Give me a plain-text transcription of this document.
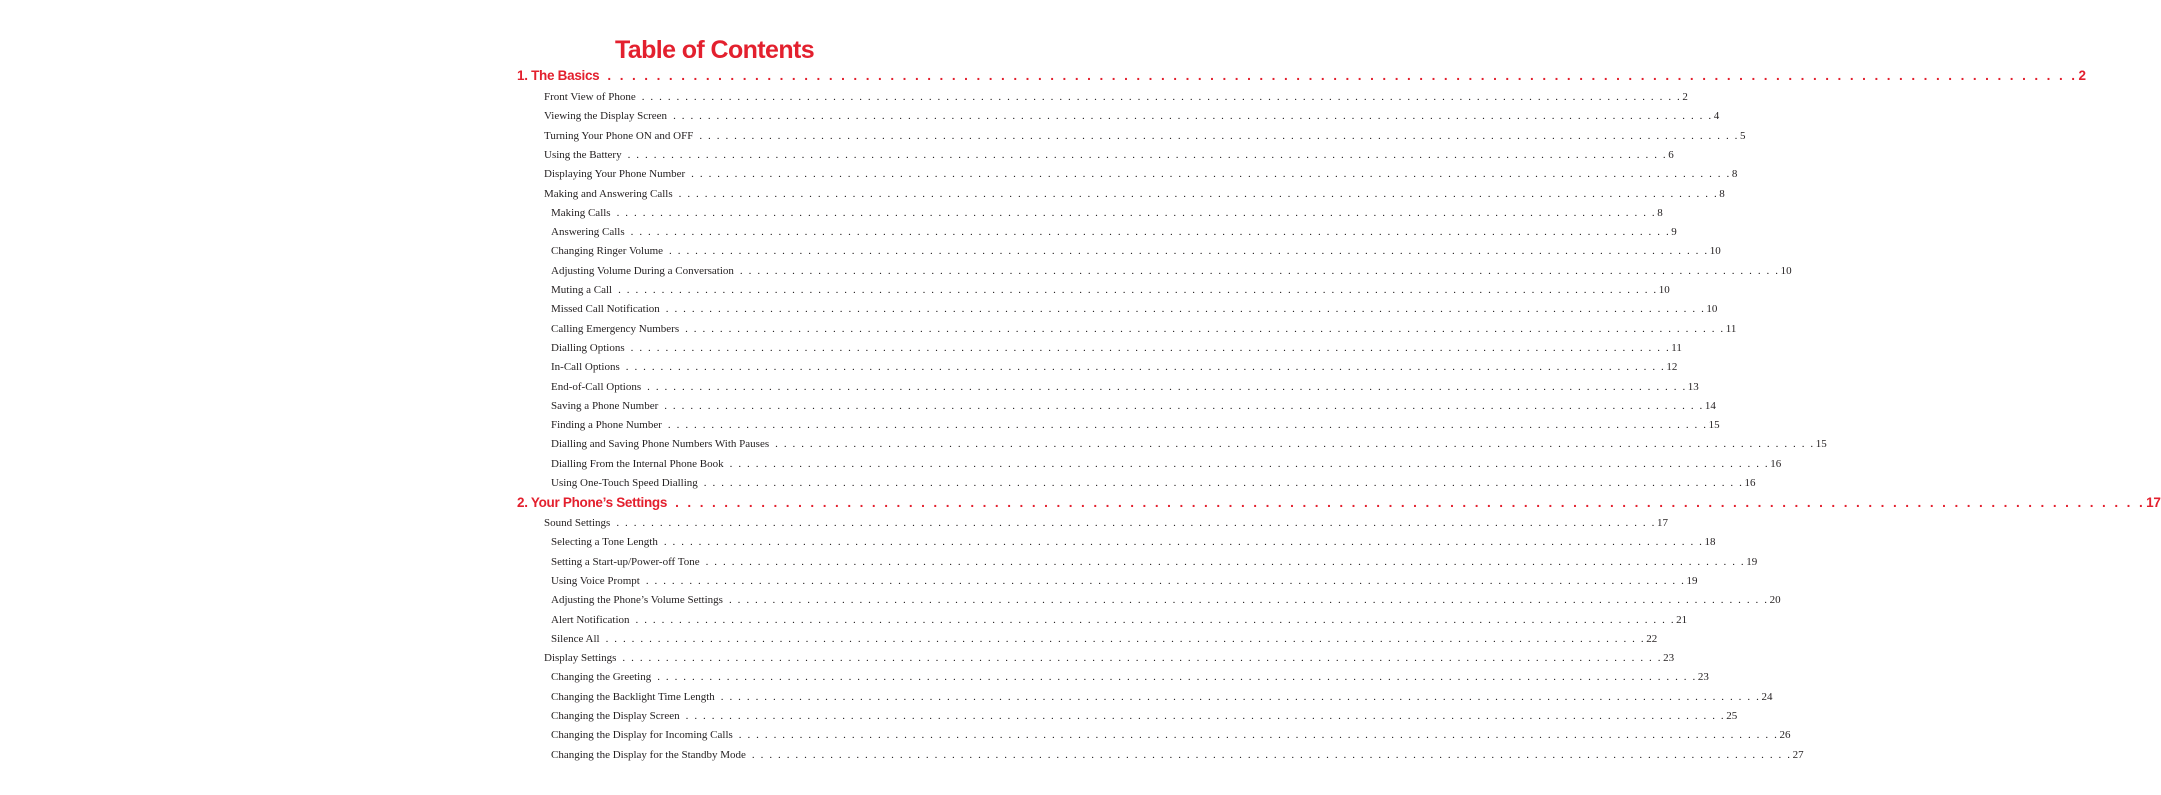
Table of Contents
1. The Basics . . . . . . . . . . . . . . . . . . . . . . . . . . . . . . . . . . . . . . . . . . . . . . . . . . . . . . . . . . . . . . . . . . . . . . . . . . . . . . . . . . . . . . . . . . . . . . . . . . . . . . . . . . . . . . . . . . . . . . . . 2
Front View of Phone . . . . . . . . . . . . . . . . . . . . . . . . . . . . . . . . . . . . . . . . . . . . . . . . . . . . . . . . . . . . . . . . . . . . . . . . . . . . . . . . . . . . . . . . . . . . . . . . . . . . . . . . . . . . . . . . . . . . . . . . 2
Viewing the Display Screen . . . . . . . . . . . . . . . . . . . . . . . . . . . . . . . . . . . . . . . . . . . . . . . . . . . . . . . . . . . . . . . . . . . . . . . . . . . . . . . . . . . . . . . . . . . . . . . . . . . . . . . . . . . . . . . . . . . . . . . . 4
Turning Your Phone ON and OFF . . . . . . . . . . . . . . . . . . . . . . . . . . . . . . . . . . . . . . . . . . . . . . . . . . . . . . . . . . . . . . . . . . . . . . . . . . . . . . . . . . . . . . . . . . . . . . . . . . . . . . . . . . . . . . . . . . . . . . . . 5
Using the Battery . . . . . . . . . . . . . . . . . . . . . . . . . . . . . . . . . . . . . . . . . . . . . . . . . . . . . . . . . . . . . . . . . . . . . . . . . . . . . . . . . . . . . . . . . . . . . . . . . . . . . . . . . . . . . . . . . . . . . . . . 6
Displaying Your Phone Number . . . . . . . . . . . . . . . . . . . . . . . . . . . . . . . . . . . . . . . . . . . . . . . . . . . . . . . . . . . . . . . . . . . . . . . . . . . . . . . . . . . . . . . . . . . . . . . . . . . . . . . . . . . . . . . . . . . . . . . . 8
Making and Answering Calls . . . . . . . . . . . . . . . . . . . . . . . . . . . . . . . . . . . . . . . . . . . . . . . . . . . . . . . . . . . . . . . . . . . . . . . . . . . . . . . . . . . . . . . . . . . . . . . . . . . . . . . . . . . . . . . . . . . . . . . . 8
Making Calls . . . . . . . . . . . . . . . . . . . . . . . . . . . . . . . . . . . . . . . . . . . . . . . . . . . . . . . . . . . . . . . . . . . . . . . . . . . . . . . . . . . . . . . . . . . . . . . . . . . . . . . . . . . . . . . . . . . . . . . . 8
Answering Calls . . . . . . . . . . . . . . . . . . . . . . . . . . . . . . . . . . . . . . . . . . . . . . . . . . . . . . . . . . . . . . . . . . . . . . . . . . . . . . . . . . . . . . . . . . . . . . . . . . . . . . . . . . . . . . . . . . . . . . . . 9
Changing Ringer Volume . . . . . . . . . . . . . . . . . . . . . . . . . . . . . . . . . . . . . . . . . . . . . . . . . . . . . . . . . . . . . . . . . . . . . . . . . . . . . . . . . . . . . . . . . . . . . . . . . . . . . . . . . . . . . . . . . . . . . . . . 10
Adjusting Volume During a Conversation . . . . . . . . . . . . . . . . . . . . . . . . . . . . . . . . . . . . . . . . . . . . . . . . . . . . . . . . . . . . . . . . . . . . . . . . . . . . . . . . . . . . . . . . . . . . . . . . . . . . . . . . . . . . . . . . . . . . . . . . 10
Muting a Call . . . . . . . . . . . . . . . . . . . . . . . . . . . . . . . . . . . . . . . . . . . . . . . . . . . . . . . . . . . . . . . . . . . . . . . . . . . . . . . . . . . . . . . . . . . . . . . . . . . . . . . . . . . . . . . . . . . . . . . . 10
Missed Call Notification . . . . . . . . . . . . . . . . . . . . . . . . . . . . . . . . . . . . . . . . . . . . . . . . . . . . . . . . . . . . . . . . . . . . . . . . . . . . . . . . . . . . . . . . . . . . . . . . . . . . . . . . . . . . . . . . . . . . . . . . 10
Calling Emergency Numbers . . . . . . . . . . . . . . . . . . . . . . . . . . . . . . . . . . . . . . . . . . . . . . . . . . . . . . . . . . . . . . . . . . . . . . . . . . . . . . . . . . . . . . . . . . . . . . . . . . . . . . . . . . . . . . . . . . . . . . . . 11
Dialling Options . . . . . . . . . . . . . . . . . . . . . . . . . . . . . . . . . . . . . . . . . . . . . . . . . . . . . . . . . . . . . . . . . . . . . . . . . . . . . . . . . . . . . . . . . . . . . . . . . . . . . . . . . . . . . . . . . . . . . . . . 11
In-Call Options . . . . . . . . . . . . . . . . . . . . . . . . . . . . . . . . . . . . . . . . . . . . . . . . . . . . . . . . . . . . . . . . . . . . . . . . . . . . . . . . . . . . . . . . . . . . . . . . . . . . . . . . . . . . . . . . . . . . . . . . 12
End-of-Call Options . . . . . . . . . . . . . . . . . . . . . . . . . . . . . . . . . . . . . . . . . . . . . . . . . . . . . . . . . . . . . . . . . . . . . . . . . . . . . . . . . . . . . . . . . . . . . . . . . . . . . . . . . . . . . . . . . . . . . . . . 13
Saving a Phone Number . . . . . . . . . . . . . . . . . . . . . . . . . . . . . . . . . . . . . . . . . . . . . . . . . . . . . . . . . . . . . . . . . . . . . . . . . . . . . . . . . . . . . . . . . . . . . . . . . . . . . . . . . . . . . . . . . . . . . . . . 14
Finding a Phone Number . . . . . . . . . . . . . . . . . . . . . . . . . . . . . . . . . . . . . . . . . . . . . . . . . . . . . . . . . . . . . . . . . . . . . . . . . . . . . . . . . . . . . . . . . . . . . . . . . . . . . . . . . . . . . . . . . . . . . . . . 15
Dialling and Saving Phone Numbers With Pauses . . . . . . . . . . . . . . . . . . . . . . . . . . . . . . . . . . . . . . . . . . . . . . . . . . . . . . . . . . . . . . . . . . . . . . . . . . . . . . . . . . . . . . . . . . . . . . . . . . . . . . . . . . . . . . . . . . . . . . . . 15
Dialling From the Internal Phone Book . . . . . . . . . . . . . . . . . . . . . . . . . . . . . . . . . . . . . . . . . . . . . . . . . . . . . . . . . . . . . . . . . . . . . . . . . . . . . . . . . . . . . . . . . . . . . . . . . . . . . . . . . . . . . . . . . . . . . . . . 16
Using One-Touch Speed Dialling . . . . . . . . . . . . . . . . . . . . . . . . . . . . . . . . . . . . . . . . . . . . . . . . . . . . . . . . . . . . . . . . . . . . . . . . . . . . . . . . . . . . . . . . . . . . . . . . . . . . . . . . . . . . . . . . . . . . . . . . 16
2. Your Phone’s Settings . . . . . . . . . . . . . . . . . . . . . . . . . . . . . . . . . . . . . . . . . . . . . . . . . . . . . . . . . . . . . . . . . . . . . . . . . . . . . . . . . . . . . . . . . . . . . . . . . . . . . . . . . . . . . . . . . . . . . . . . 17
Sound Settings . . . . . . . . . . . . . . . . . . . . . . . . . . . . . . . . . . . . . . . . . . . . . . . . . . . . . . . . . . . . . . . . . . . . . . . . . . . . . . . . . . . . . . . . . . . . . . . . . . . . . . . . . . . . . . . . . . . . . . . . 17
Selecting a Tone Length . . . . . . . . . . . . . . . . . . . . . . . . . . . . . . . . . . . . . . . . . . . . . . . . . . . . . . . . . . . . . . . . . . . . . . . . . . . . . . . . . . . . . . . . . . . . . . . . . . . . . . . . . . . . . . . . . . . . . . . . 18
Setting a Start-up/Power-off Tone . . . . . . . . . . . . . . . . . . . . . . . . . . . . . . . . . . . . . . . . . . . . . . . . . . . . . . . . . . . . . . . . . . . . . . . . . . . . . . . . . . . . . . . . . . . . . . . . . . . . . . . . . . . . . . . . . . . . . . . . 19
Using Voice Prompt . . . . . . . . . . . . . . . . . . . . . . . . . . . . . . . . . . . . . . . . . . . . . . . . . . . . . . . . . . . . . . . . . . . . . . . . . . . . . . . . . . . . . . . . . . . . . . . . . . . . . . . . . . . . . . . . . . . . . . . . 19
Adjusting the Phone’s Volume Settings . . . . . . . . . . . . . . . . . . . . . . . . . . . . . . . . . . . . . . . . . . . . . . . . . . . . . . . . . . . . . . . . . . . . . . . . . . . . . . . . . . . . . . . . . . . . . . . . . . . . . . . . . . . . . . . . . . . . . . . . 20
Alert Notification . . . . . . . . . . . . . . . . . . . . . . . . . . . . . . . . . . . . . . . . . . . . . . . . . . . . . . . . . . . . . . . . . . . . . . . . . . . . . . . . . . . . . . . . . . . . . . . . . . . . . . . . . . . . . . . . . . . . . . . . 21
Silence All . . . . . . . . . . . . . . . . . . . . . . . . . . . . . . . . . . . . . . . . . . . . . . . . . . . . . . . . . . . . . . . . . . . . . . . . . . . . . . . . . . . . . . . . . . . . . . . . . . . . . . . . . . . . . . . . . . . . . . . . 22
Display Settings . . . . . . . . . . . . . . . . . . . . . . . . . . . . . . . . . . . . . . . . . . . . . . . . . . . . . . . . . . . . . . . . . . . . . . . . . . . . . . . . . . . . . . . . . . . . . . . . . . . . . . . . . . . . . . . . . . . . . . . . 23
Changing the Greeting . . . . . . . . . . . . . . . . . . . . . . . . . . . . . . . . . . . . . . . . . . . . . . . . . . . . . . . . . . . . . . . . . . . . . . . . . . . . . . . . . . . . . . . . . . . . . . . . . . . . . . . . . . . . . . . . . . . . . . . . 23
Changing the Backlight Time Length . . . . . . . . . . . . . . . . . . . . . . . . . . . . . . . . . . . . . . . . . . . . . . . . . . . . . . . . . . . . . . . . . . . . . . . . . . . . . . . . . . . . . . . . . . . . . . . . . . . . . . . . . . . . . . . . . . . . . . . . 24
Changing the Display Screen . . . . . . . . . . . . . . . . . . . . . . . . . . . . . . . . . . . . . . . . . . . . . . . . . . . . . . . . . . . . . . . . . . . . . . . . . . . . . . . . . . . . . . . . . . . . . . . . . . . . . . . . . . . . . . . . . . . . . . . . 25
Changing the Display for Incoming Calls . . . . . . . . . . . . . . . . . . . . . . . . . . . . . . . . . . . . . . . . . . . . . . . . . . . . . . . . . . . . . . . . . . . . . . . . . . . . . . . . . . . . . . . . . . . . . . . . . . . . . . . . . . . . . . . . . . . . . . . . 26
Changing the Display for the Standby Mode . . . . . . . . . . . . . . . . . . . . . . . . . . . . . . . . . . . . . . . . . . . . . . . . . . . . . . . . . . . . . . . . . . . . . . . . . . . . . . . . . . . . . . . . . . . . . . . . . . . . . . . . . . . . . . . . . . . . . . . . 27
